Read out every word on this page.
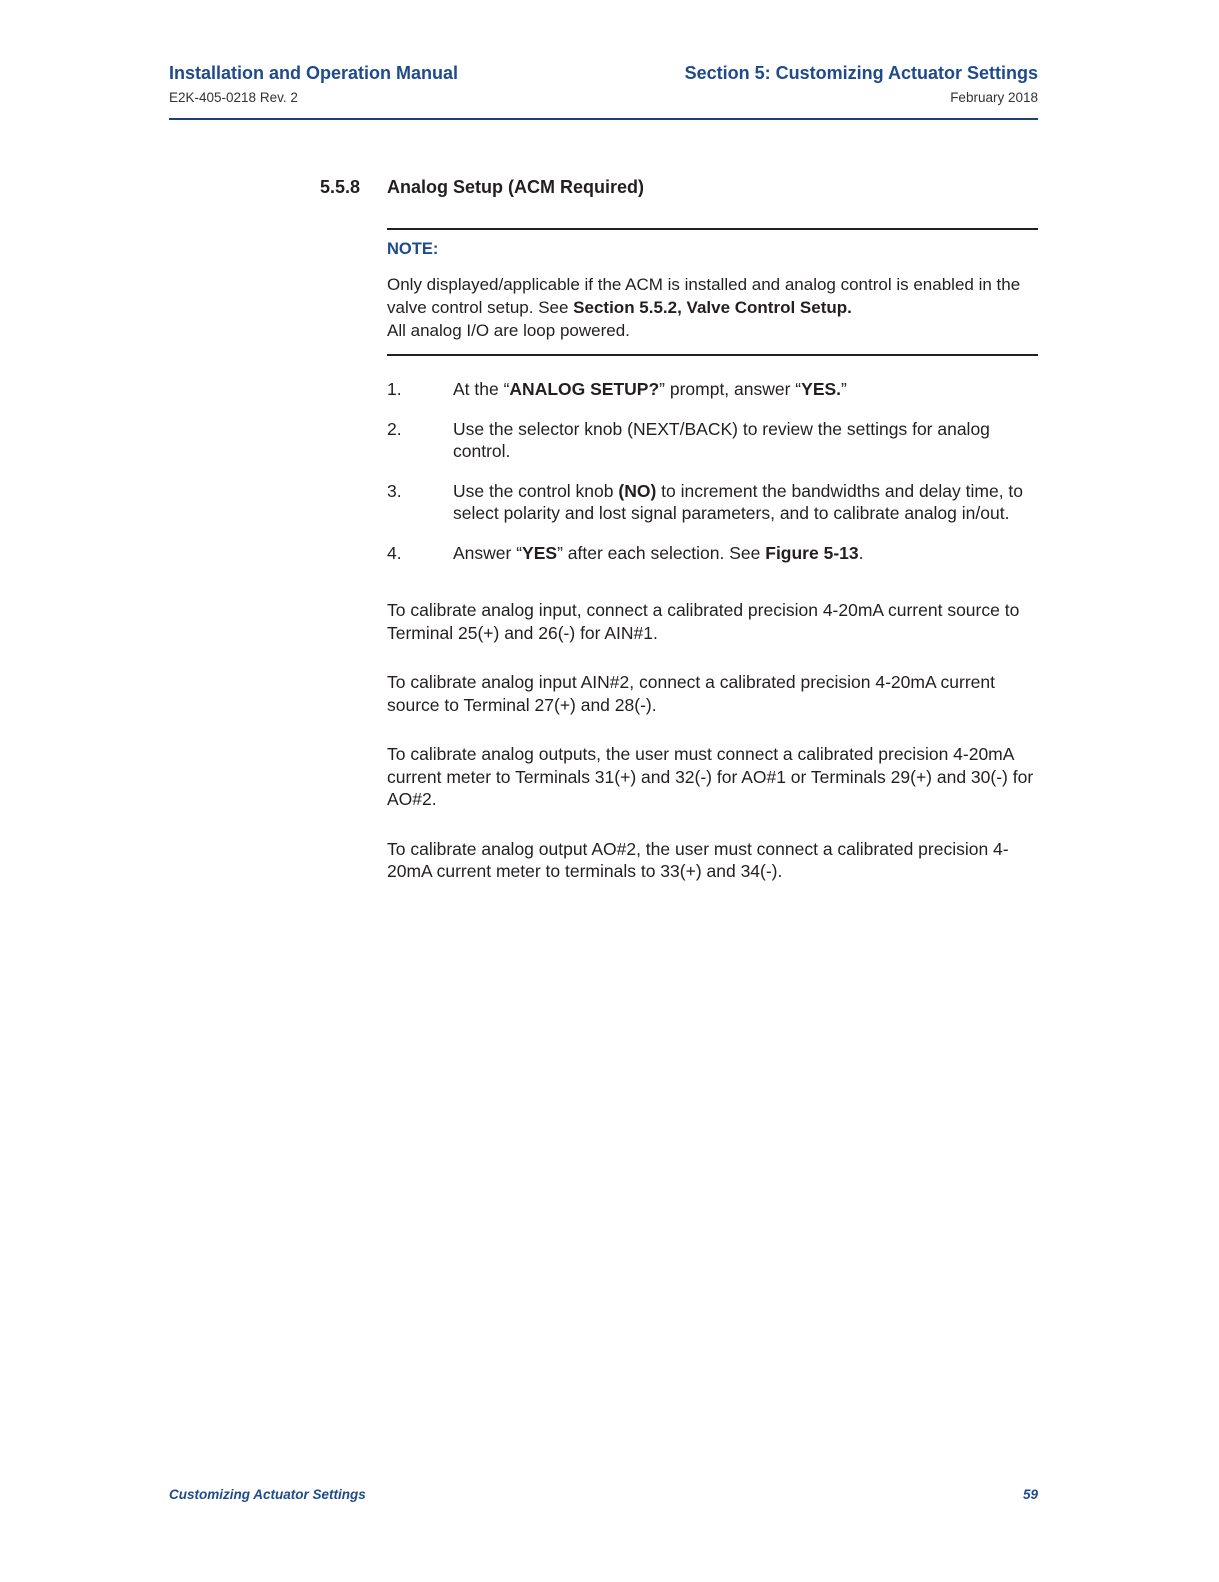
Installation and Operation Manual
E2K-405-0218 Rev. 2
Section 5: Customizing Actuator Settings
February 2018
5.5.8 Analog Setup (ACM Required)
NOTE:
Only displayed/applicable if the ACM is installed and analog control is enabled in the valve control setup. See Section 5.5.2, Valve Control Setup.
All analog I/O are loop powered.
1.	At the “ANALOG SETUP?” prompt, answer “YES.”
2.	Use the selector knob (NEXT/BACK) to review the settings for analog control.
3.	Use the control knob (NO) to increment the bandwidths and delay time, to select polarity and lost signal parameters, and to calibrate analog in/out.
4.	Answer “YES” after each selection. See Figure 5-13.

To calibrate analog input, connect a calibrated precision 4-20mA current source to Terminal 25(+) and 26(-) for AIN#1.

To calibrate analog input AIN#2, connect a calibrated precision 4-20mA current source to Terminal 27(+) and 28(-).

To calibrate analog outputs, the user must connect a calibrated precision 4-20mA current meter to Terminals 31(+) and 32(-) for AO#1 or Terminals 29(+) and 30(-) for AO#2.

To calibrate analog output AO#2, the user must connect a calibrated precision 4-20mA current meter to terminals to 33(+) and 34(-).

Customizing Actuator Settings	59
